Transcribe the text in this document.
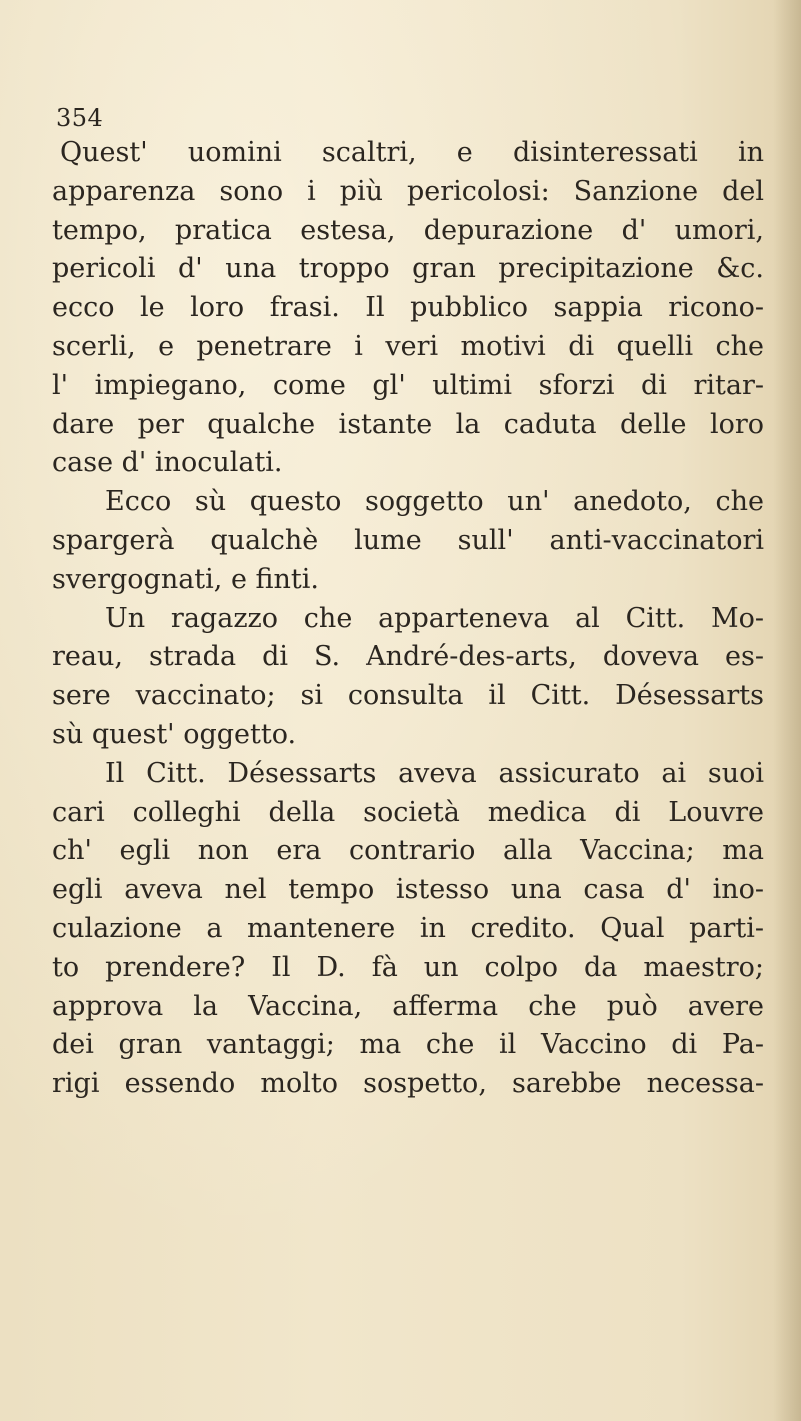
354

Quest' uomini scaltri, e disinteressati in
apparenza sono i più pericolosi: Sanzione del
tempo, pratica estesa, depurazione d' umori,
pericoli d' una troppo gran precipitazione &c.
ecco le loro frasi. Il pubblico sappia ricono-
scerli, e penetrare i veri motivi di quelli che
l' impiegano, come gl' ultimi sforzi di ritar-
dare per qualche istante la caduta delle loro
case d' inoculati.
Ecco sù questo soggetto un' anedoto, che
spargerà qualchè lume sull' anti-vaccinatori
svergognati, e finti.
Un ragazzo che apparteneva al Citt. Mo-
reau, strada di S. André-des-arts, doveva es-
sere vaccinato; si consulta il Citt. Désessarts
sù quest' oggetto.
Il Citt. Désessarts aveva assicurato ai suoi
cari colleghi della società medica di Louvre
ch' egli non era contrario alla Vaccina; ma
egli aveva nel tempo istesso una casa d' ino-
culazione a mantenere in credito. Qual parti-
to prendere? Il D. fà un colpo da maestro;
approva la Vaccina, afferma che può avere
dei gran vantaggi; ma che il Vaccino di Pa-
rigi essendo molto sospetto, sarebbe necessa-
